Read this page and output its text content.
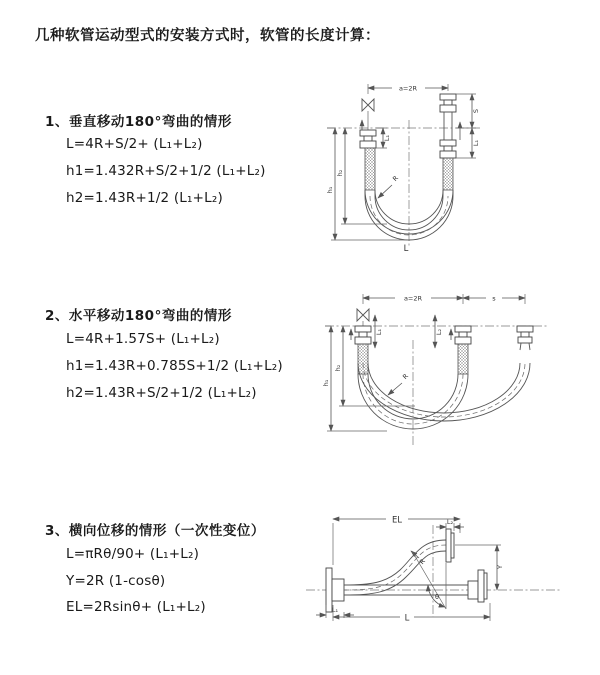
几种软管运动型式的安装方式时，软管的长度计算：
1、垂直移动180°弯曲的情形
L=4R+S/2+ (L₁+L₂)
h1=1.432R+S/2+1/2 (L₁+L₂)
h2=1.43R+1/2 (L₁+L₂)
2、水平移动180°弯曲的情形
L=4R+1.57S+ (L₁+L₂)
h1=1.43R+0.785S+1/2 (L₁+L₂)
h2=1.43R+S/2+1/2 (L₁+L₂)
3、横向位移的情形（一次性变位）
L=πRθ/90+ (L₁+L₂)
Y=2R (1-cosθ)
EL=2Rsinθ+ (L₁+L₂)
a=2R
L₁
S
L₁
R
h₂
h₁
L
a=2R	s
L₁	L₂
R
h₂
h₁
EL	L₂
Y
R
θ
L₁
L
